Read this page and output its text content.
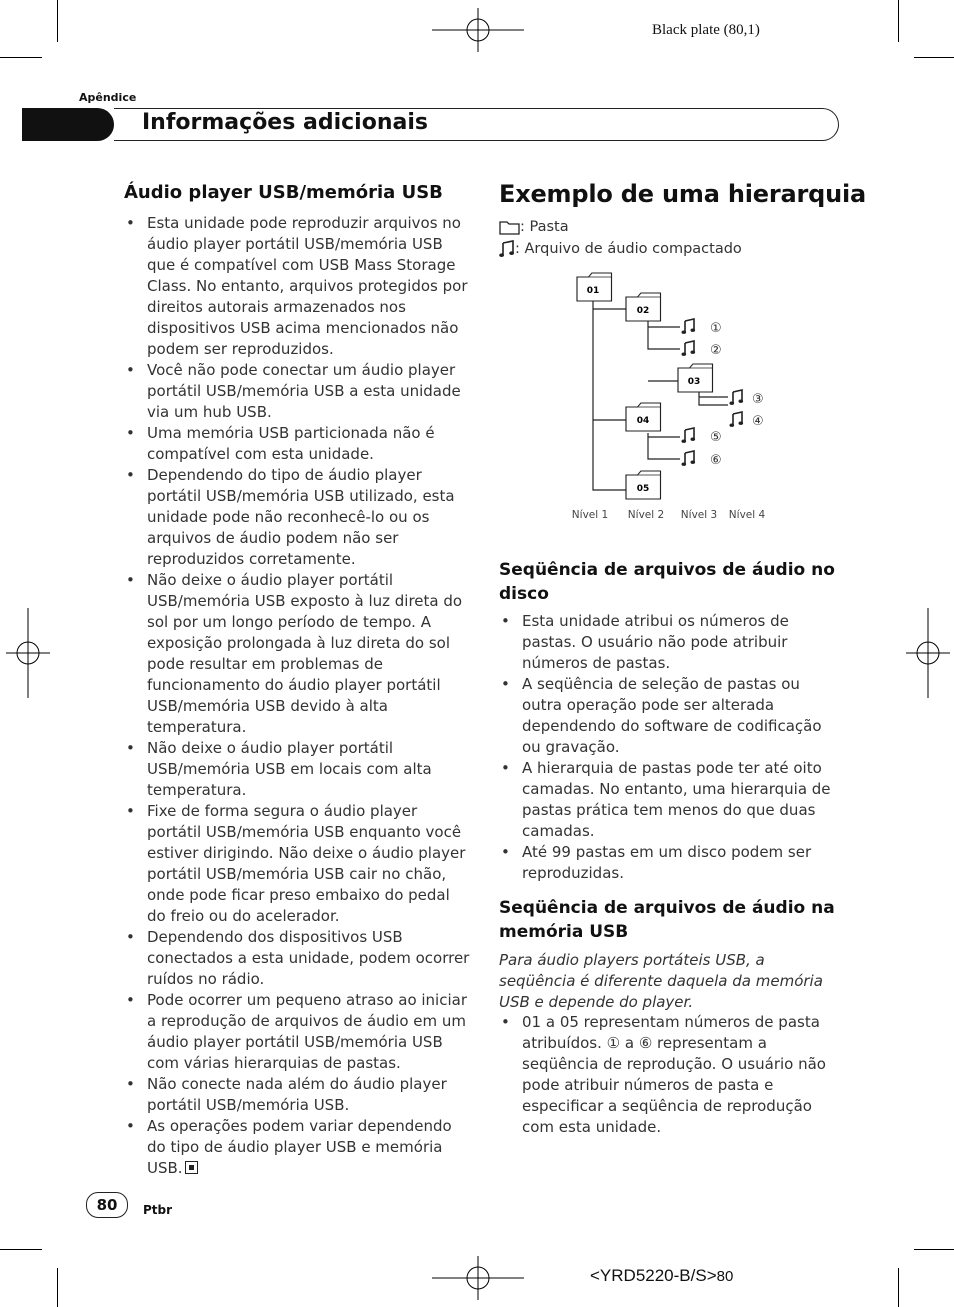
Black plate (80,1)
Apêndice
Informações adicionais
Áudio player USB/memória USB
• Esta unidade pode reproduzir arquivos no áudio player portátil USB/memória USB que é compatível com USB Mass Storage Class. No entanto, arquivos protegidos por direitos autorais armazenados nos dispositivos USB acima mencionados não podem ser reproduzidos.
• Você não pode conectar um áudio player portátil USB/memória USB a esta unidade via um hub USB.
• Uma memória USB particionada não é compatível com esta unidade.
• Dependendo do tipo de áudio player portátil USB/memória USB utilizado, esta unidade pode não reconhecê-lo ou os arquivos de áudio podem não ser reproduzidos corretamente.
• Não deixe o áudio player portátil USB/memória USB exposto à luz direta do sol por um longo período de tempo. A exposição prolongada à luz direta do sol pode resultar em problemas de funcionamento do áudio player portátil USB/memória USB devido à alta temperatura.
• Não deixe o áudio player portátil USB/memória USB em locais com alta temperatura.
• Fixe de forma segura o áudio player portátil USB/memória USB enquanto você estiver dirigindo. Não deixe o áudio player portátil USB/memória USB cair no chão, onde pode ficar preso embaixo do pedal do freio ou do acelerador.
• Dependendo dos dispositivos USB conectados a esta unidade, podem ocorrer ruídos no rádio.
• Pode ocorrer um pequeno atraso ao iniciar a reprodução de arquivos de áudio em um áudio player portátil USB/memória USB com várias hierarquias de pastas.
• Não conecte nada além do áudio player portátil USB/memória USB.
• As operações podem variar dependendo do tipo de áudio player USB e memória USB.
Exemplo de uma hierarquia
: Pasta
: Arquivo de áudio compactado
01
02
03
04
05
①
②
③
④
⑤
⑥
Nível 1 Nível 2 Nível 3 Nível 4
Seqüência de arquivos de áudio no disco
• Esta unidade atribui os números de pastas. O usuário não pode atribuir números de pastas.
• A seqüência de seleção de pastas ou outra operação pode ser alterada dependendo do software de codificação ou gravação.
• A hierarquia de pastas pode ter até oito camadas. No entanto, uma hierarquia de pastas prática tem menos do que duas camadas.
• Até 99 pastas em um disco podem ser reproduzidas.
Seqüência de arquivos de áudio na memória USB
Para áudio players portáteis USB, a seqüência é diferente daquela da memória USB e depende do player.
• 01 a 05 representam números de pasta atribuídos. ① a ⑥ representam a seqüência de reprodução. O usuário não pode atribuir números de pasta e especificar a seqüência de reprodução com esta unidade.
80	Ptbr
<YRD5220-B/S>80
